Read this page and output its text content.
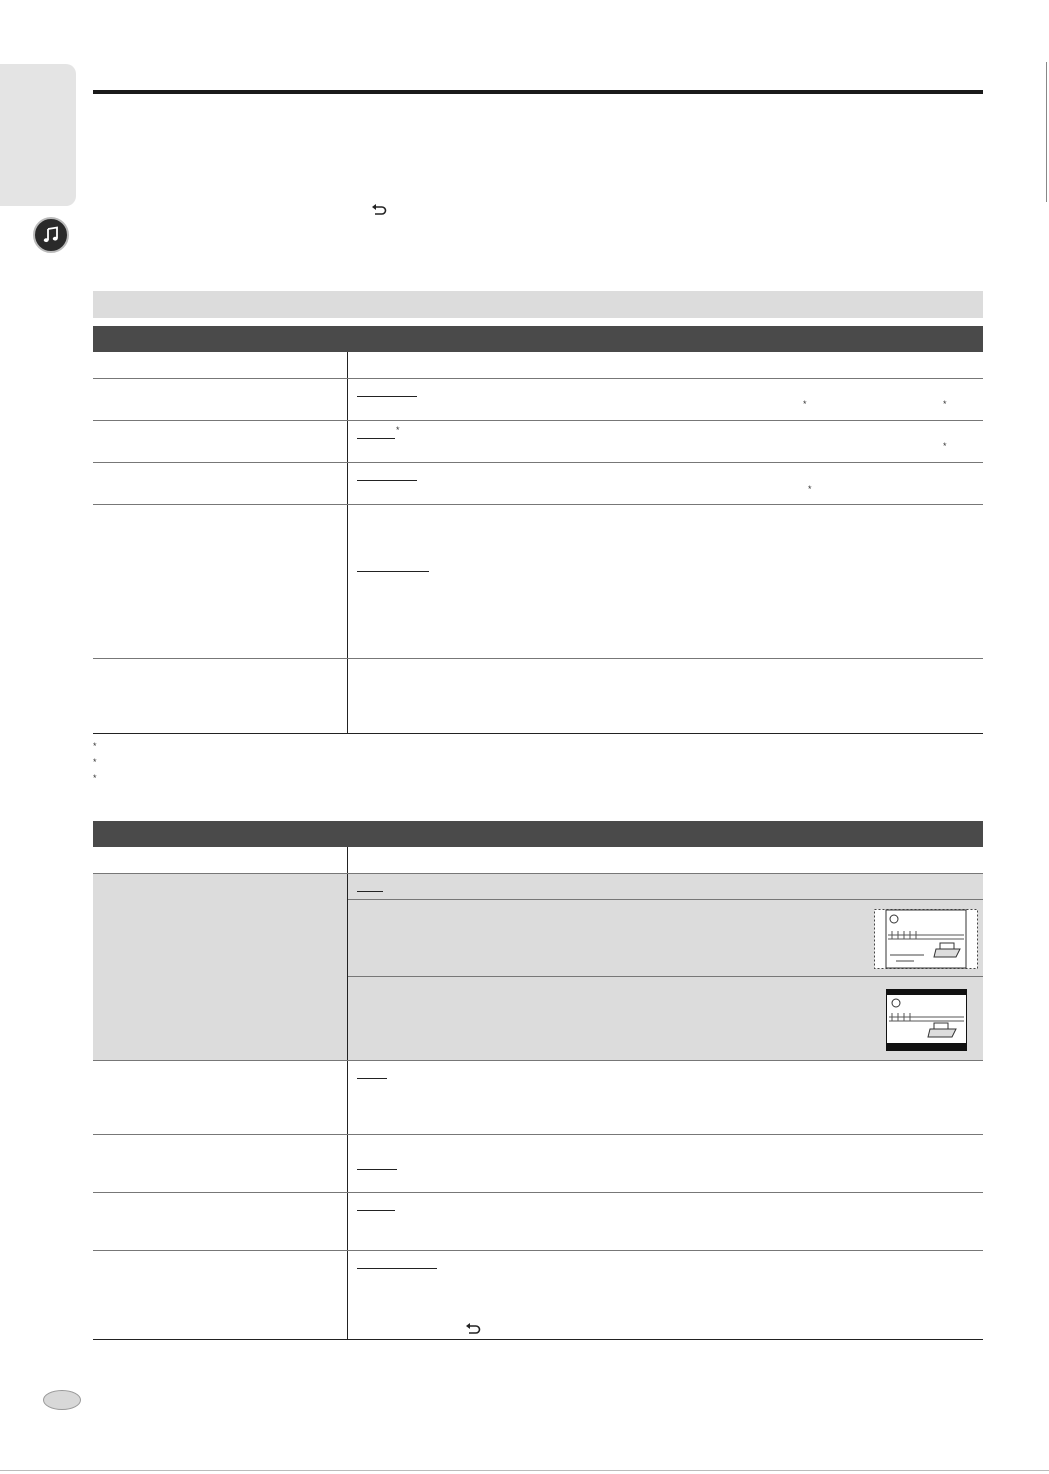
*	*
*
*
*
*
*
*
